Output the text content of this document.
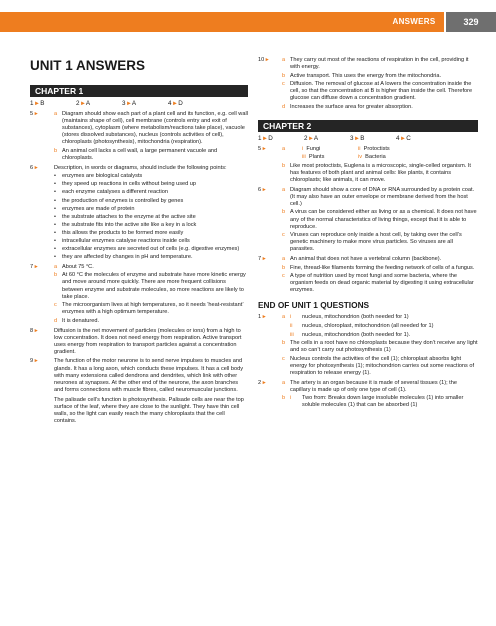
ANSWERS	329
UNIT 1 ANSWERS
CHAPTER 1
1 ▸ B	2 ▸ A	3 ▸ A	4 ▸ D
5 ▸	a Diagram should show each part of a plant cell and its function, e.g. cell wall (maintains shape of cell), cell membrane (controls entry and exit of substances), cytoplasm (where metabolism/reactions take place), vacuole (stores dissolved substances), nucleus (controls activities of cell), chloroplasts (photosynthesis), mitochondria (respiration).
b An animal cell lacks a cell wall, a large permanent vacuole and chloroplasts.
6 ▸	Description, in words or diagrams, should include the following points:
• enzymes are biological catalysts
• they speed up reactions in cells without being used up
• each enzyme catalyses a different reaction
• the production of enzymes is controlled by genes
• enzymes are made of protein
• the substrate attaches to the enzyme at the active site
• the substrate fits into the active site like a key in a lock
• this allows the products to be formed more easily
• intracellular enzymes catalyse reactions inside cells
• extracellular enzymes are secreted out of cells (e.g. digestive enzymes)
• they are affected by changes in pH and temperature.
7 ▸	a About 75 °C.
b At 60 °C the molecules of enzyme and substrate have more kinetic energy and move around more quickly. There are more frequent collisions between enzyme and substrate molecules, so more reactions are likely to take place.
c The microorganism lives at high temperatures, so it needs ‘heat-resistant’ enzymes with a high optimum temperature.
d It is denatured.
8 ▸	Diffusion is the net movement of particles (molecules or ions) from a high to low concentration. It does not need energy from respiration. Active transport uses energy from respiration to transport particles against a concentration gradient.
9 ▸	The function of the motor neurone is to send nerve impulses to muscles and glands. It has a long axon, which conducts these impulses. It has a cell body with many extensions called dendrons and dendrites, which link with other neurones at synapses. At the other end of the neurone, the axon branches and forms connections with muscle fibres, called neuromuscular junctions.
The palisade cell’s function is photosynthesis. Palisade cells are near the top surface of the leaf, where they are close to the sunlight. They have thin cell walls, so the light can easily reach the many chloroplasts that the cell contains.
10 ▸ a They carry out most of the reactions of respiration in the cell, providing it with energy.
b Active transport. This uses the energy from the mitochondria.
c Diffusion. The removal of glucose at A lowers the concentration inside the cell, so that the concentration at B is higher than inside the cell. Therefore glucose can diffuse down a concentration gradient.
d Increases the surface area for greater absorption.
CHAPTER 2
1 ▸ D	2 ▸ A	3 ▸ B	4 ▸ C
5 ▸	a	i Fungi	ii Protoctists
iii Plants	iv Bacteria
b Like most protoctists, Euglena is a microscopic, single-celled organism. It has features of both plant and animal cells: like plants, it contains chloroplasts; like animals, it can move.
6 ▸	a Diagram should show a core of DNA or RNA surrounded by a protein coat. (It may also have an outer envelope or membrane derived from the host cell.)
b A virus can be considered either as living or as a chemical. It does not have any of the normal characteristics of living things, except that it is able to reproduce.
c Viruses can reproduce only inside a host cell, by taking over the cell’s genetic machinery to make more virus particles. So viruses are all parasites.
7 ▸	a An animal that does not have a vertebral column (backbone).
b Fine, thread-like filaments forming the feeding network of cells of a fungus.
c A type of nutrition used by most fungi and some bacteria, where the organism feeds on dead organic material by digesting it using extracellular enzymes.
END OF UNIT 1 QUESTIONS
1 ▸	a i nucleus, mitochondrion (both needed for 1)
ii nucleus, chloroplast, mitochondrion (all needed for 1)
iii nucleus, mitochondrion (both needed for 1).
b The cells in a root have no chloroplasts because they don’t receive any light and so can’t carry out photosynthesis (1)
c Nucleus controls the activities of the cell (1); chloroplast absorbs light energy for photosynthesis (1); mitochondrion carries out some reactions of respiration to release energy (1).
2 ▸	a The artery is an organ because it is made of several tissues (1); the capillary is made up of only one type of cell (1).
b i Two from: Breaks down large insoluble molecules (1) into smaller soluble molecules (1) that can be absorbed (1)
